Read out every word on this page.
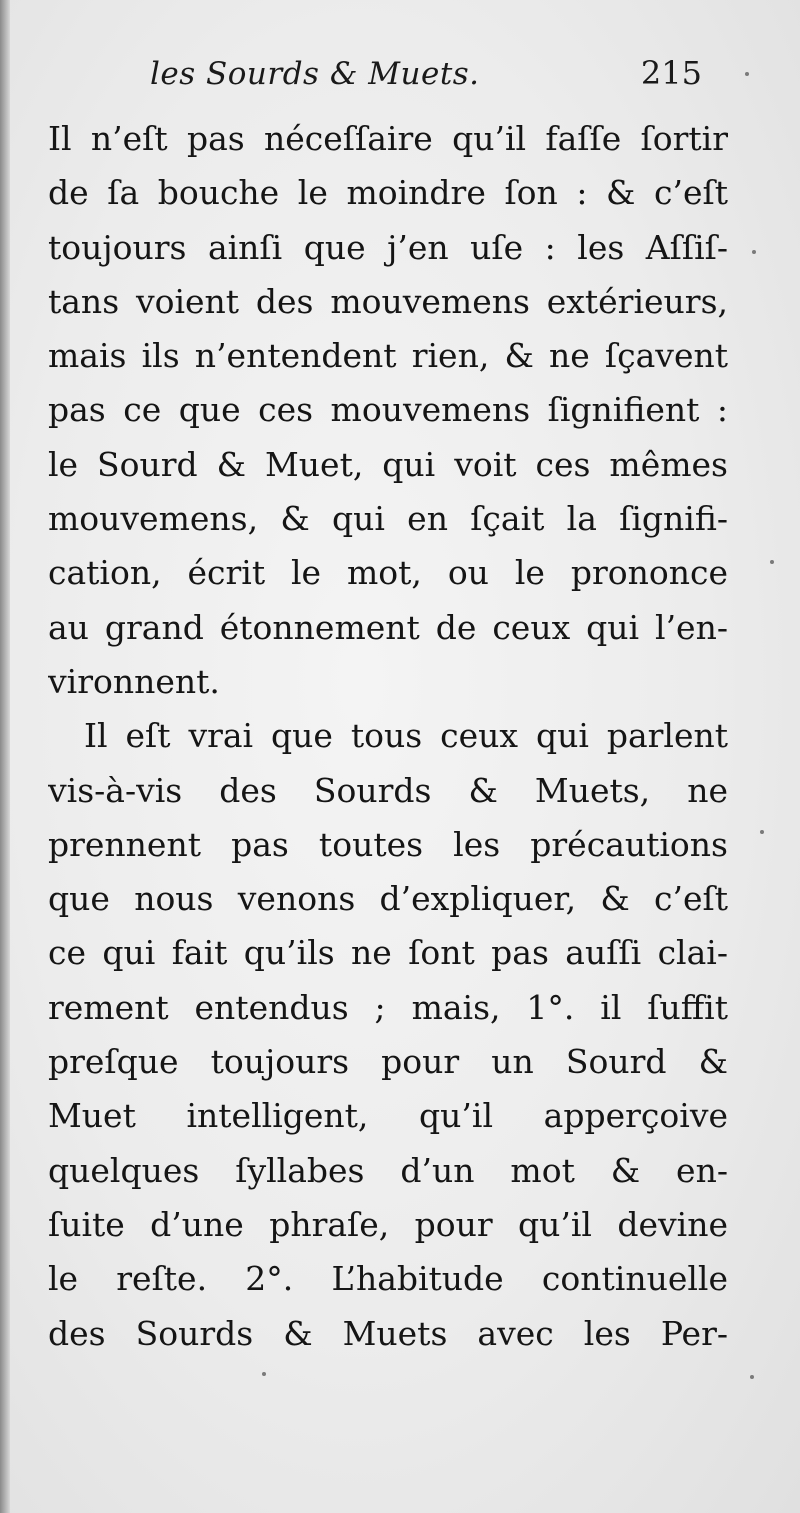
les Sourds & Muets.	215
Il n’eſt pas néceſſaire qu’il faſſe ſortir
de ſa bouche le moindre ſon : & c’eſt
toujours ainſi que j’en uſe : les Aſſiſ-
tans voient des mouvemens extérieurs,
mais ils n’entendent rien, & ne ſçavent
pas ce que ces mouvemens ſignifient :
le Sourd & Muet, qui voit ces mêmes
mouvemens, & qui en ſçait la ſignifi-
cation, écrit le mot, ou le prononce
au grand étonnement de ceux qui l’en-
vironnent.
Il eſt vrai que tous ceux qui parlent
vis-à-vis des Sourds & Muets, ne
prennent pas toutes les précautions
que nous venons d’expliquer, & c’eſt
ce qui fait qu’ils ne ſont pas auſſi clai-
rement entendus ; mais, 1°. il ſuffit
preſque toujours pour un Sourd &
Muet intelligent, qu’il apperçoive
quelques ſyllabes d’un mot & en-
ſuite d’une phraſe, pour qu’il devine
le reſte. 2°. L’habitude continuelle
des Sourds & Muets avec les Per-
